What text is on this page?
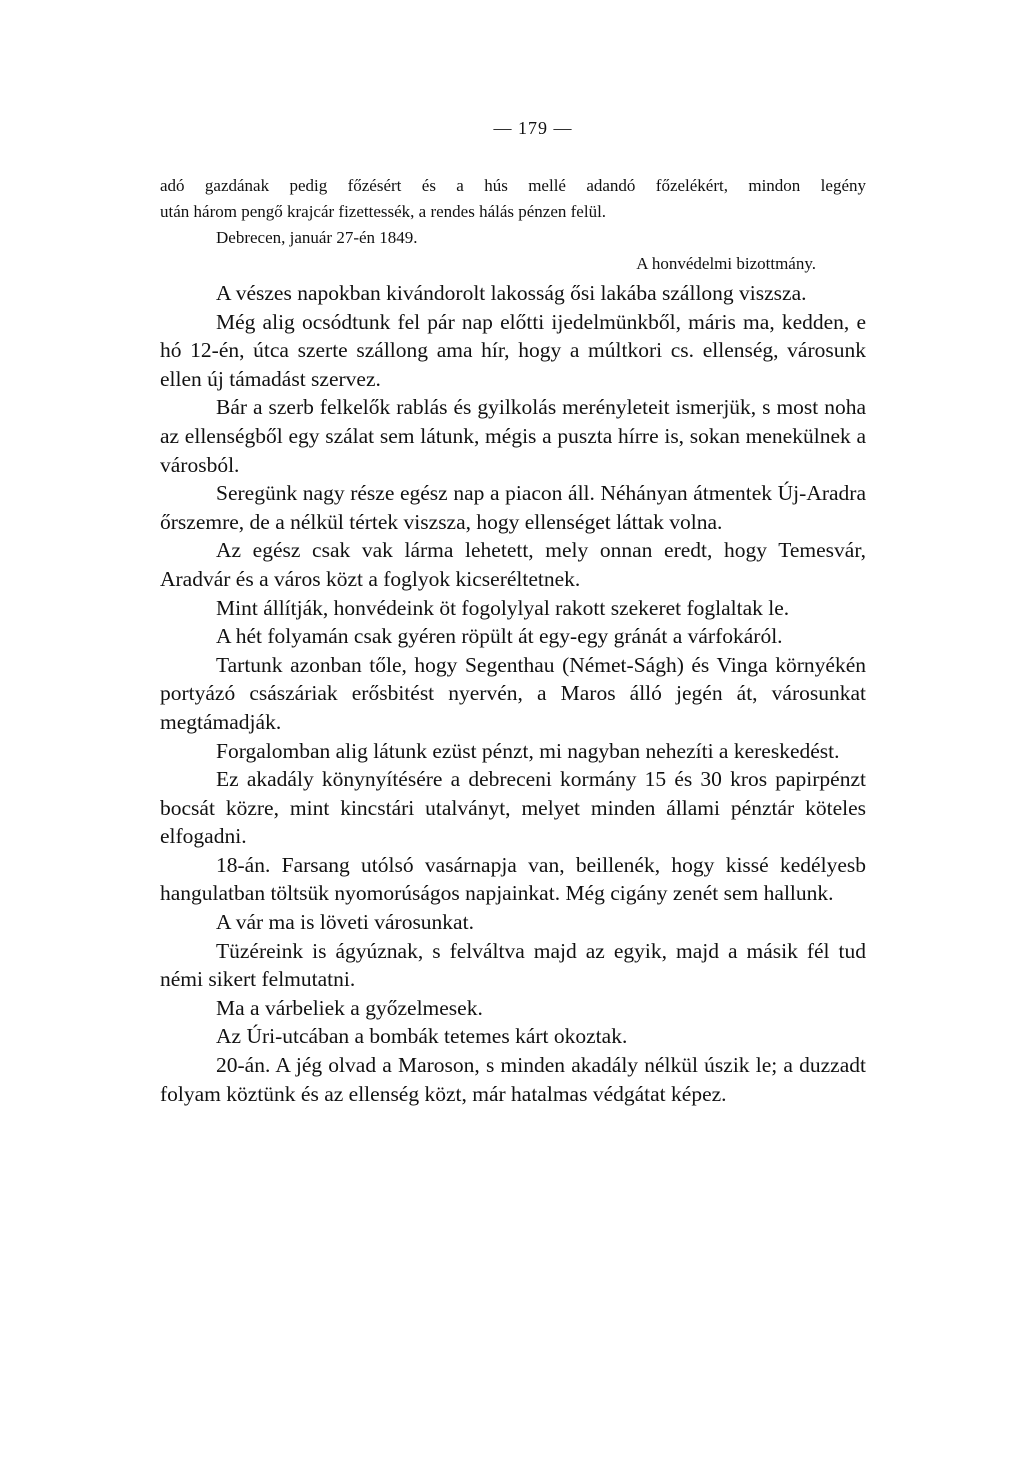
— 179 —
adó gazdának pedig főzésért és a hús mellé adandó főzelékért, mindon legény
után három pengő krajcár fizettessék, a rendes hálás pénzen felül.
Debrecen, január 27-én 1849.
A honvédelmi bizottmány.

A vészes napokban kivándorolt lakosság ősi lakába szállong viszsza.

Még alig ocsódtunk fel pár nap előtti ijedelmünkből, máris ma, kedden, e hó 12-én, útca szerte szállong ama hír, hogy a múltkori cs. ellenség, városunk ellen új támadást szervez.

Bár a szerb felkelők rablás és gyilkolás merényleteit ismerjük, s most noha az ellenségből egy szálat sem látunk, mégis a puszta hírre is, sokan menekülnek a városból.

Seregünk nagy része egész nap a piacon áll. Néhányan átmentek Új-Aradra őrszemre, de a nélkül tértek viszsza, hogy ellenséget láttak volna.

Az egész csak vak lárma lehetett, mely onnan eredt, hogy Temesvár, Aradvár és a város közt a foglyok kicseréltetnek.

Mint állítják, honvédeink öt fogolylyal rakott szekeret foglaltak le.

A hét folyamán csak gyéren röpült át egy-egy gránát a várfokáról.

Tartunk azonban tőle, hogy Segenthau (Német-Ságh) és Vinga környékén portyázó császáriak erősbitést nyervén, a Maros álló jegén át, városunkat megtámadják.

Forgalomban alig látunk ezüst pénzt, mi nagyban nehezíti a kereskedést.

Ez akadály könynyítésére a debreceni kormány 15 és 30 kros papirpénzt bocsát közre, mint kincstári utalványt, melyet minden állami pénztár köteles elfogadni.

18-án. Farsang utólsó vasárnapja van, beillenék, hogy kissé kedélyesb hangulatban töltsük nyomorúságos napjainkat. Még cigány zenét sem hallunk.

A vár ma is löveti városunkat.

Tüzéreink is ágyúznak, s felváltva majd az egyik, majd a másik fél tud némi sikert felmutatni.

Ma a várbeliek a győzelmesek.

Az Úri-utcában a bombák tetemes kárt okoztak.

20-án. A jég olvad a Maroson, s minden akadály nélkül úszik le; a duzzadt folyam köztünk és az ellenség közt, már hatalmas védgátat képez.
